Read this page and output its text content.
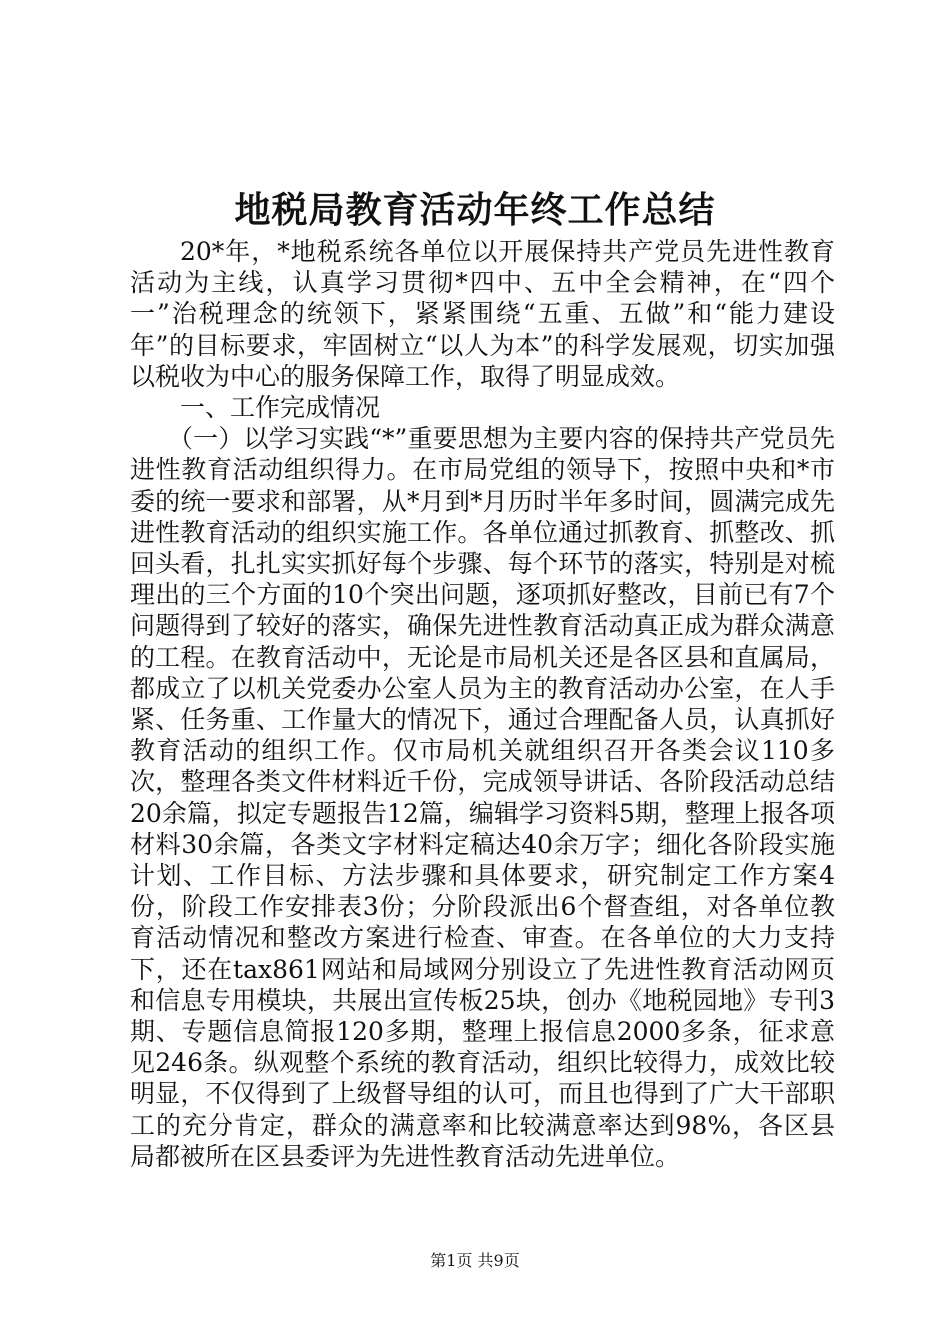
地税局教育活动年终工作总结

20*年，*地税系统各单位以开展保持共产党员先进性教育活动为主线，认真学习贯彻*四中、五中全会精神，在“四个一”治税理念的统领下，紧紧围绕“五重、五做”和“能力建设年”的目标要求，牢固树立“以人为本”的科学发展观，切实加强以税收为中心的服务保障工作，取得了明显成效。

一、工作完成情况

（一）以学习实践“*”重要思想为主要内容的保持共产党员先进性教育活动组织得力。在市局党组的领导下，按照中央和*市委的统一要求和部署，从*月到*月历时半年多时间，圆满完成先进性教育活动的组织实施工作。各单位通过抓教育、抓整改、抓回头看，扎扎实实抓好每个步骤、每个环节的落实，特别是对梳理出的三个方面的10个突出问题，逐项抓好整改，目前已有7个问题得到了较好的落实，确保先进性教育活动真正成为群众满意的工程。在教育活动中，无论是市局机关还是各区县和直属局，都成立了以机关党委办公室人员为主的教育活动办公室，在人手紧、任务重、工作量大的情况下，通过合理配备人员，认真抓好教育活动的组织工作。仅市局机关就组织召开各类会议110多次，整理各类文件材料近千份，完成领导讲话、各阶段活动总结20余篇，拟定专题报告12篇，编辑学习资料5期，整理上报各项材料30余篇，各类文字材料定稿达40余万字；细化各阶段实施计划、工作目标、方法步骤和具体要求，研究制定工作方案4份，阶段工作安排表3份；分阶段派出6个督查组，对各单位教育活动情况和整改方案进行检查、审查。在各单位的大力支持下，还在tax861网站和局域网分别设立了先进性教育活动网页和信息专用模块，共展出宣传板25块，创办《地税园地》专刊3期、专题信息简报120多期，整理上报信息2000多条，征求意见246条。纵观整个系统的教育活动，组织比较得力，成效比较明显，不仅得到了上级督导组的认可，而且也得到了广大干部职工的充分肯定，群众的满意率和比较满意率达到98%，各区县局都被所在区县委评为先进性教育活动先进单位。

第1页 共9页
